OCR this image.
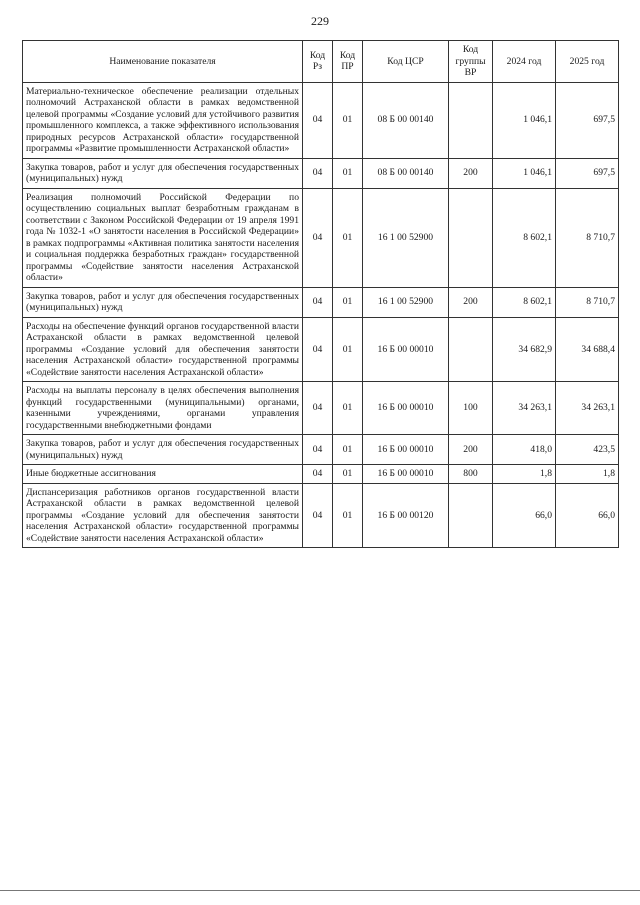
229
Наименование показателя	Код Рз	Код ПР	Код ЦСР	Код группы ВР	2024 год	2025 год
Материально-техническое обеспечение реализации отдельных полномочий Астраханской области в рамках ведомственной целевой программы «Создание условий для устойчивого развития промышленного комплекса, а также эффективного использования природных ресурсов Астраханской области» государственной программы «Развитие промышленности Астраханской области»	04	01	08 Б 00 00140		1 046,1	697,5
Закупка товаров, работ и услуг для обеспечения государственных (муниципальных) нужд	04	01	08 Б 00 00140	200	1 046,1	697,5
Реализация полномочий Российской Федерации по осуществлению социальных выплат безработным гражданам в соответствии с Законом Российской Федерации от 19 апреля 1991 года № 1032-1 «О занятости населения в Российской Федерации» в рамках подпрограммы «Активная политика занятости населения и социальная поддержка безработных граждан» государственной программы «Содействие занятости населения Астраханской области»	04	01	16 1 00 52900		8 602,1	8 710,7
Закупка товаров, работ и услуг для обеспечения государственных (муниципальных) нужд	04	01	16 1 00 52900	200	8 602,1	8 710,7
Расходы на обеспечение функций органов государственной власти Астраханской области в рамках ведомственной целевой программы «Создание условий для обеспечения занятости населения Астраханской области» государственной программы «Содействие занятости населения Астраханской области»	04	01	16 Б 00 00010		34 682,9	34 688,4
Расходы на выплаты персоналу в целях обеспечения выполнения функций государственными (муниципальными) органами, казенными учреждениями, органами управления государственными внебюджетными фондами	04	01	16 Б 00 00010	100	34 263,1	34 263,1
Закупка товаров, работ и услуг для обеспечения государственных (муниципальных) нужд	04	01	16 Б 00 00010	200	418,0	423,5
Иные бюджетные ассигнования	04	01	16 Б 00 00010	800	1,8	1,8
Диспансеризация работников органов государственной власти Астраханской области в рамках ведомственной целевой программы «Создание условий для обеспечения занятости населения Астраханской области» государственной программы «Содействие занятости населения Астраханской области»	04	01	16 Б 00 00120		66,0	66,0
